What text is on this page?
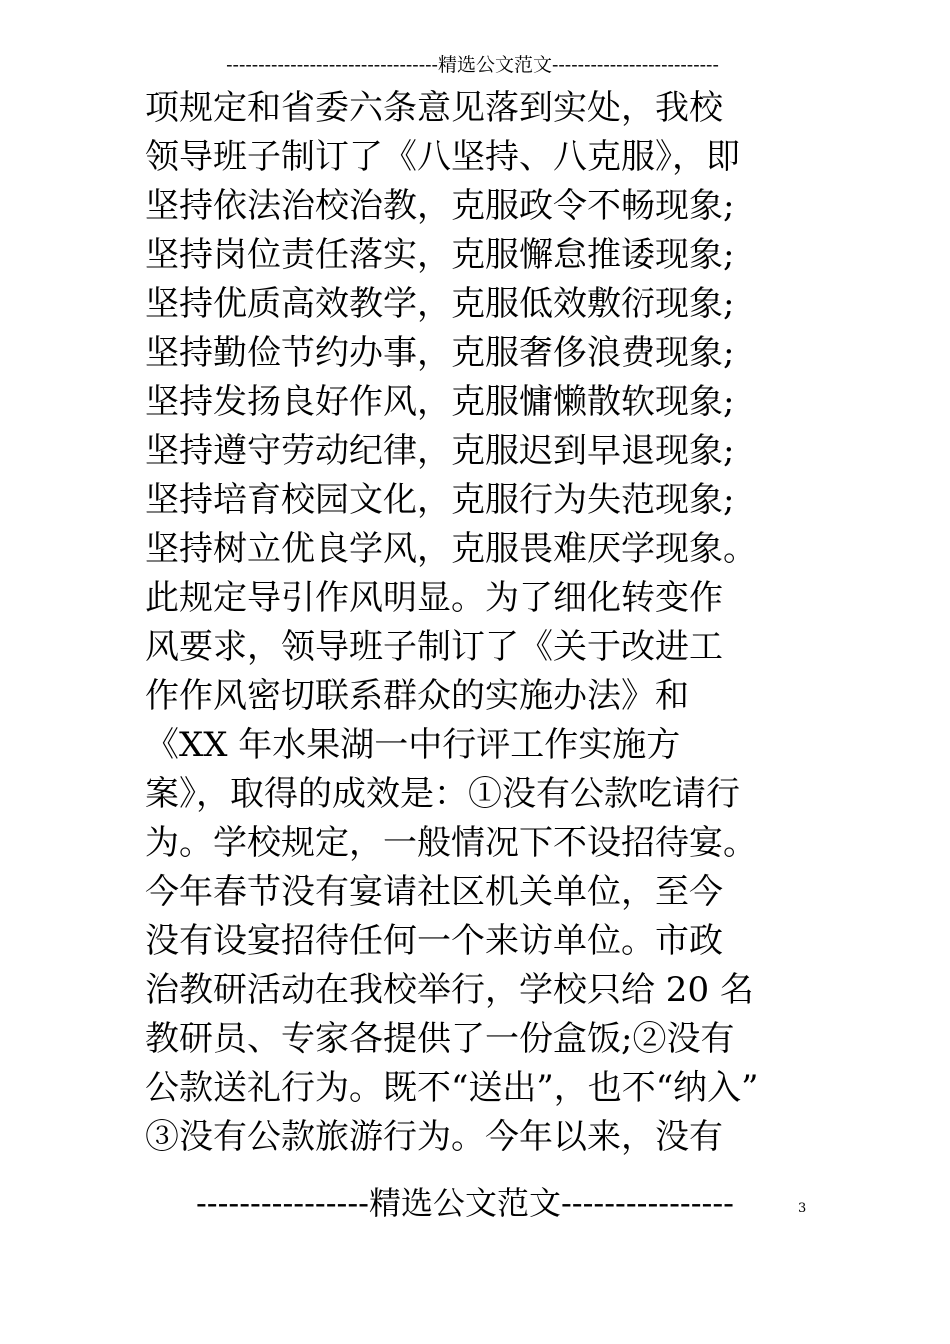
---------------------------------精选公文范文--------------------------
项规定和省委六条意见落到实处，我校
领导班子制订了《八坚持、八克服》，即
坚持依法治校治教，克服政令不畅现象;
坚持岗位责任落实，克服懈怠推诿现象;
坚持优质高效教学，克服低效敷衍现象;
坚持勤俭节约办事，克服奢侈浪费现象;
坚持发扬良好作风，克服慵懒散软现象;
坚持遵守劳动纪律，克服迟到早退现象;
坚持培育校园文化，克服行为失范现象;
坚持树立优良学风，克服畏难厌学现象。
此规定导引作风明显。为了细化转变作
风要求，领导班子制订了《关于改进工
作作风密切联系群众的实施办法》和
《XX 年水果湖一中行评工作实施方
案》，取得的成效是：①没有公款吃请行
为。学校规定，一般情况下不设招待宴。
今年春节没有宴请社区机关单位，至今
没有设宴招待任何一个来访单位。市政
治教研活动在我校举行，学校只给 20 名
教研员、专家各提供了一份盒饭;②没有
公款送礼行为。既不“送出”，也不“纳入”
③没有公款旅游行为。今年以来，没有
----------------精选公文范文----------------	3
